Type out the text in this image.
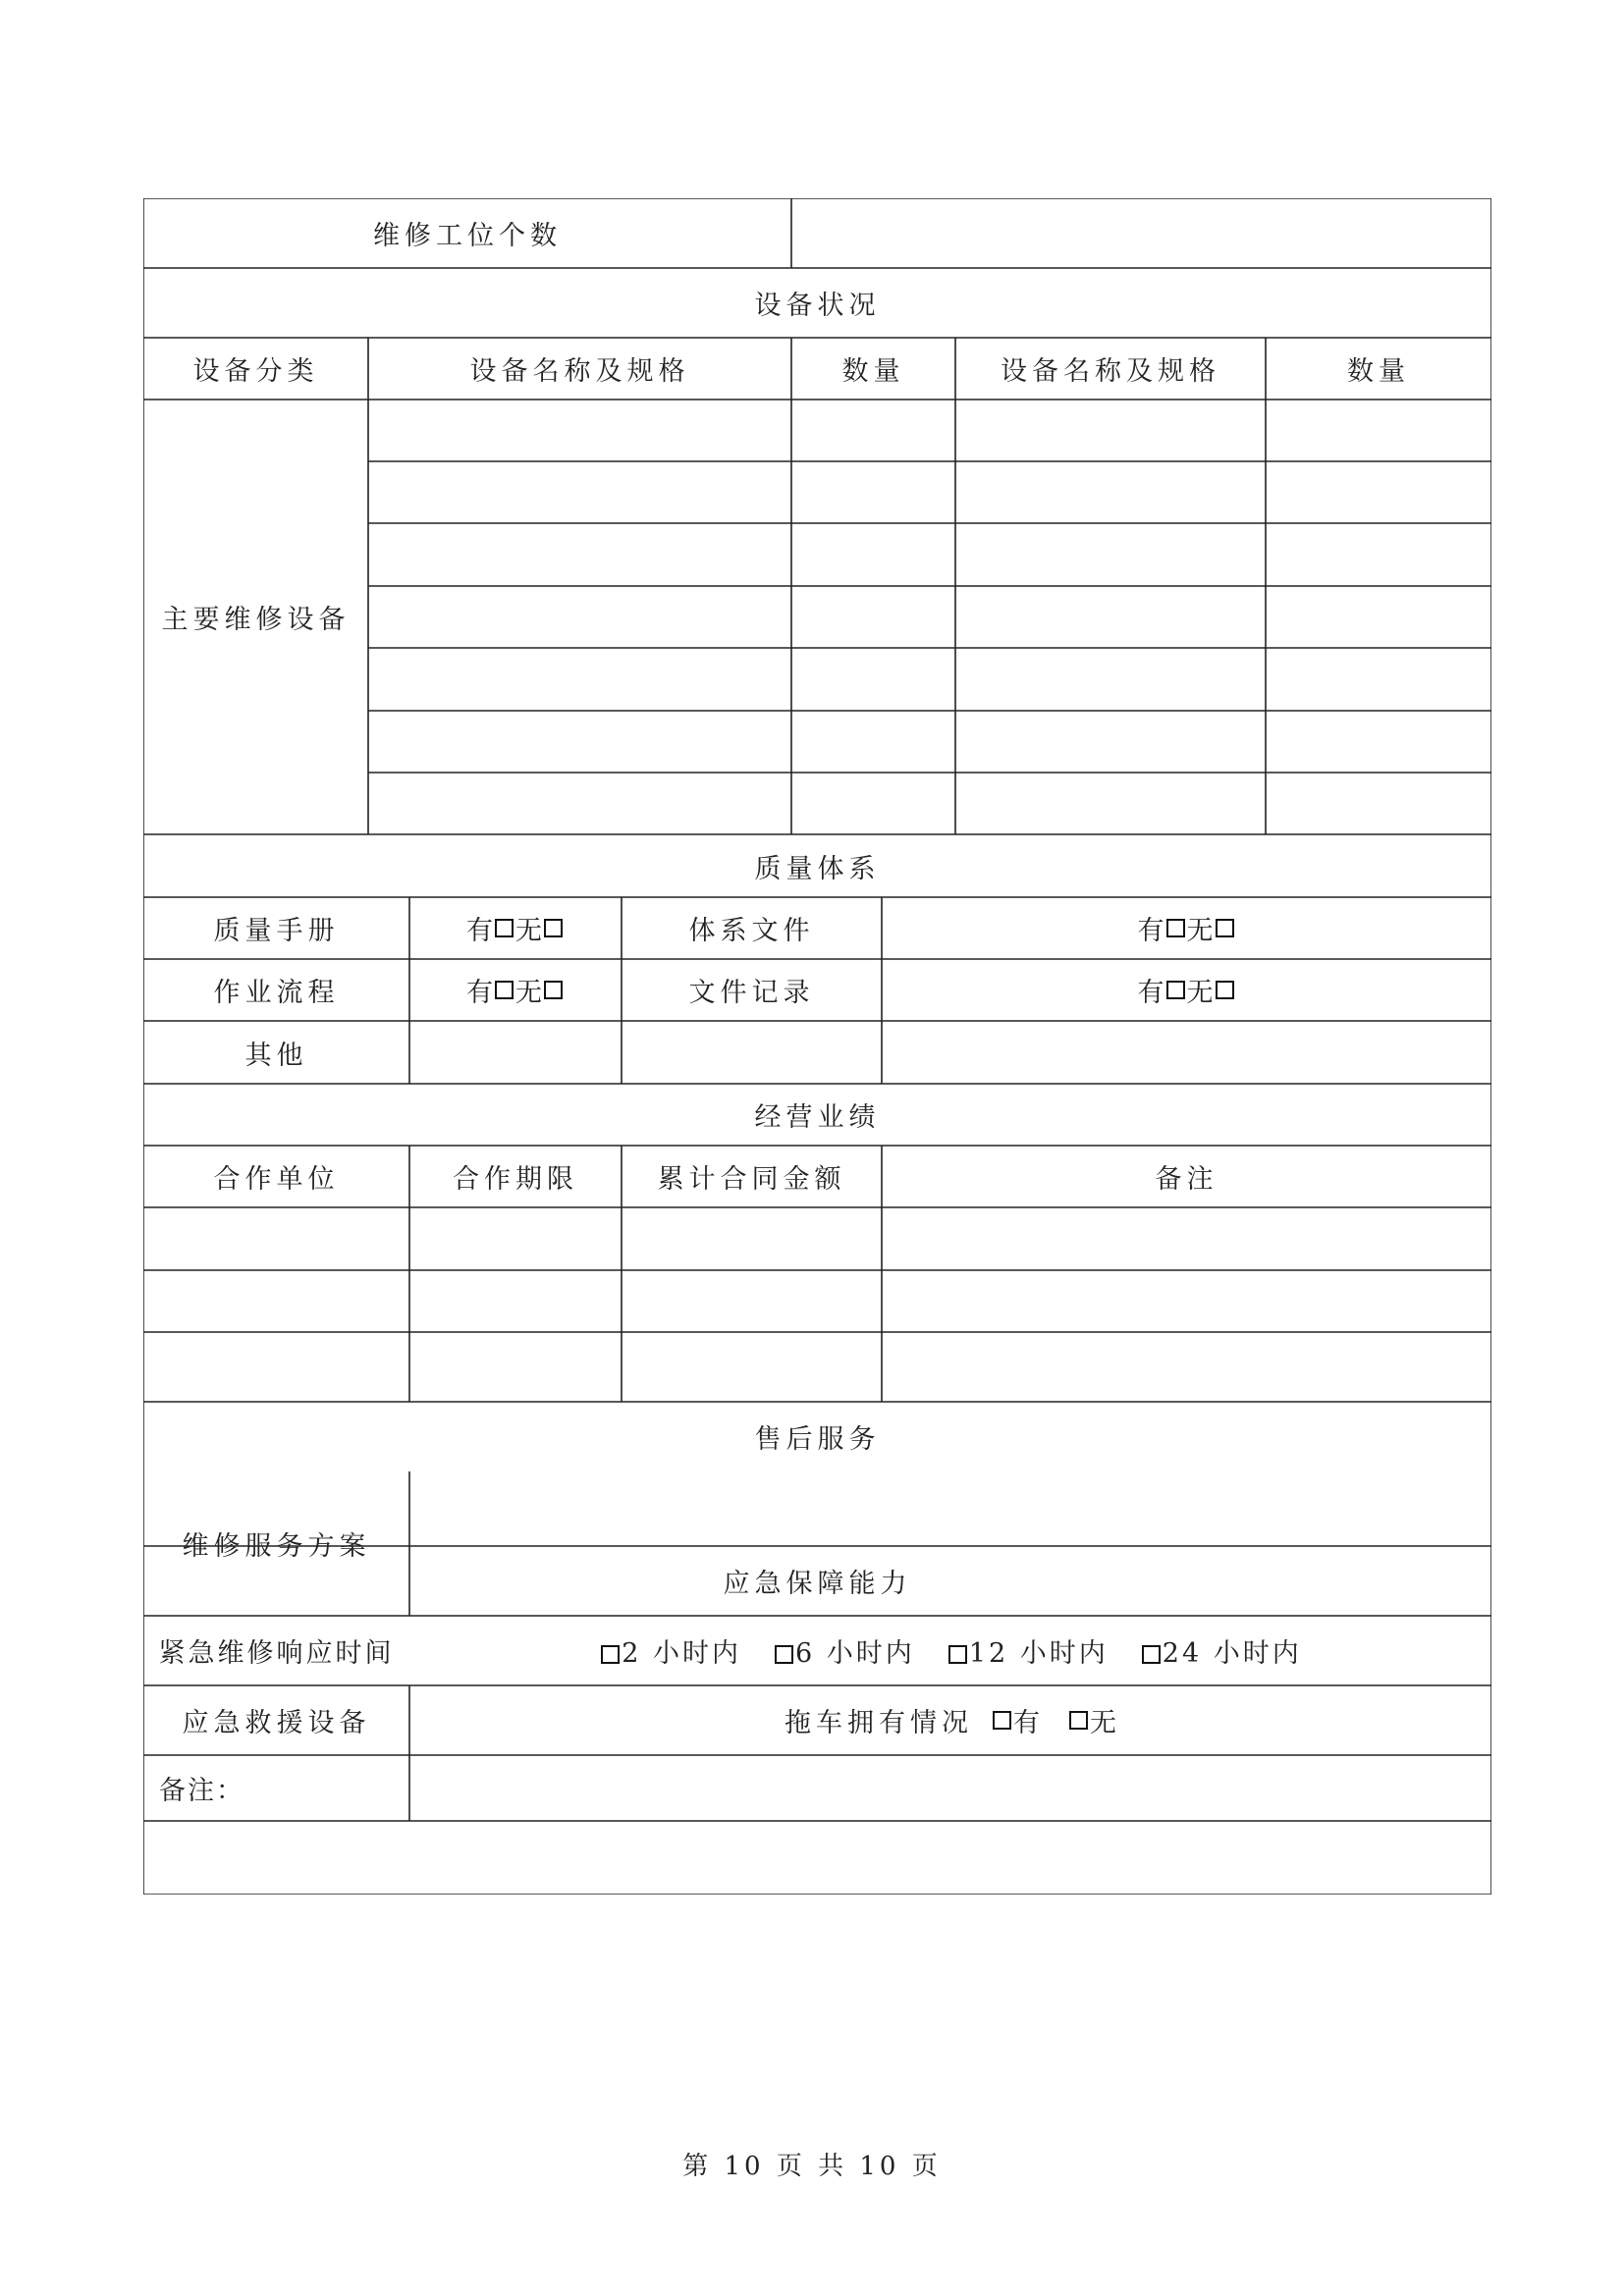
维修工位个数
设备状况
设备分类	设备名称及规格	数量	设备名称及规格	数量
主要维修设备
质量体系
质量手册	有 无	体系文件	有 无
作业流程	有 无	文件记录	有 无
其他
经营业绩
合作单位	合作期限	累计合同金额	备注
售后服务
维修服务方案
应急保障能力
紧急维修响应时间	2 小时内	6 小时内	12 小时内	24 小时内
应急救援设备	拖车拥有情况 有 无
备注：
第 10 页 共 10 页
